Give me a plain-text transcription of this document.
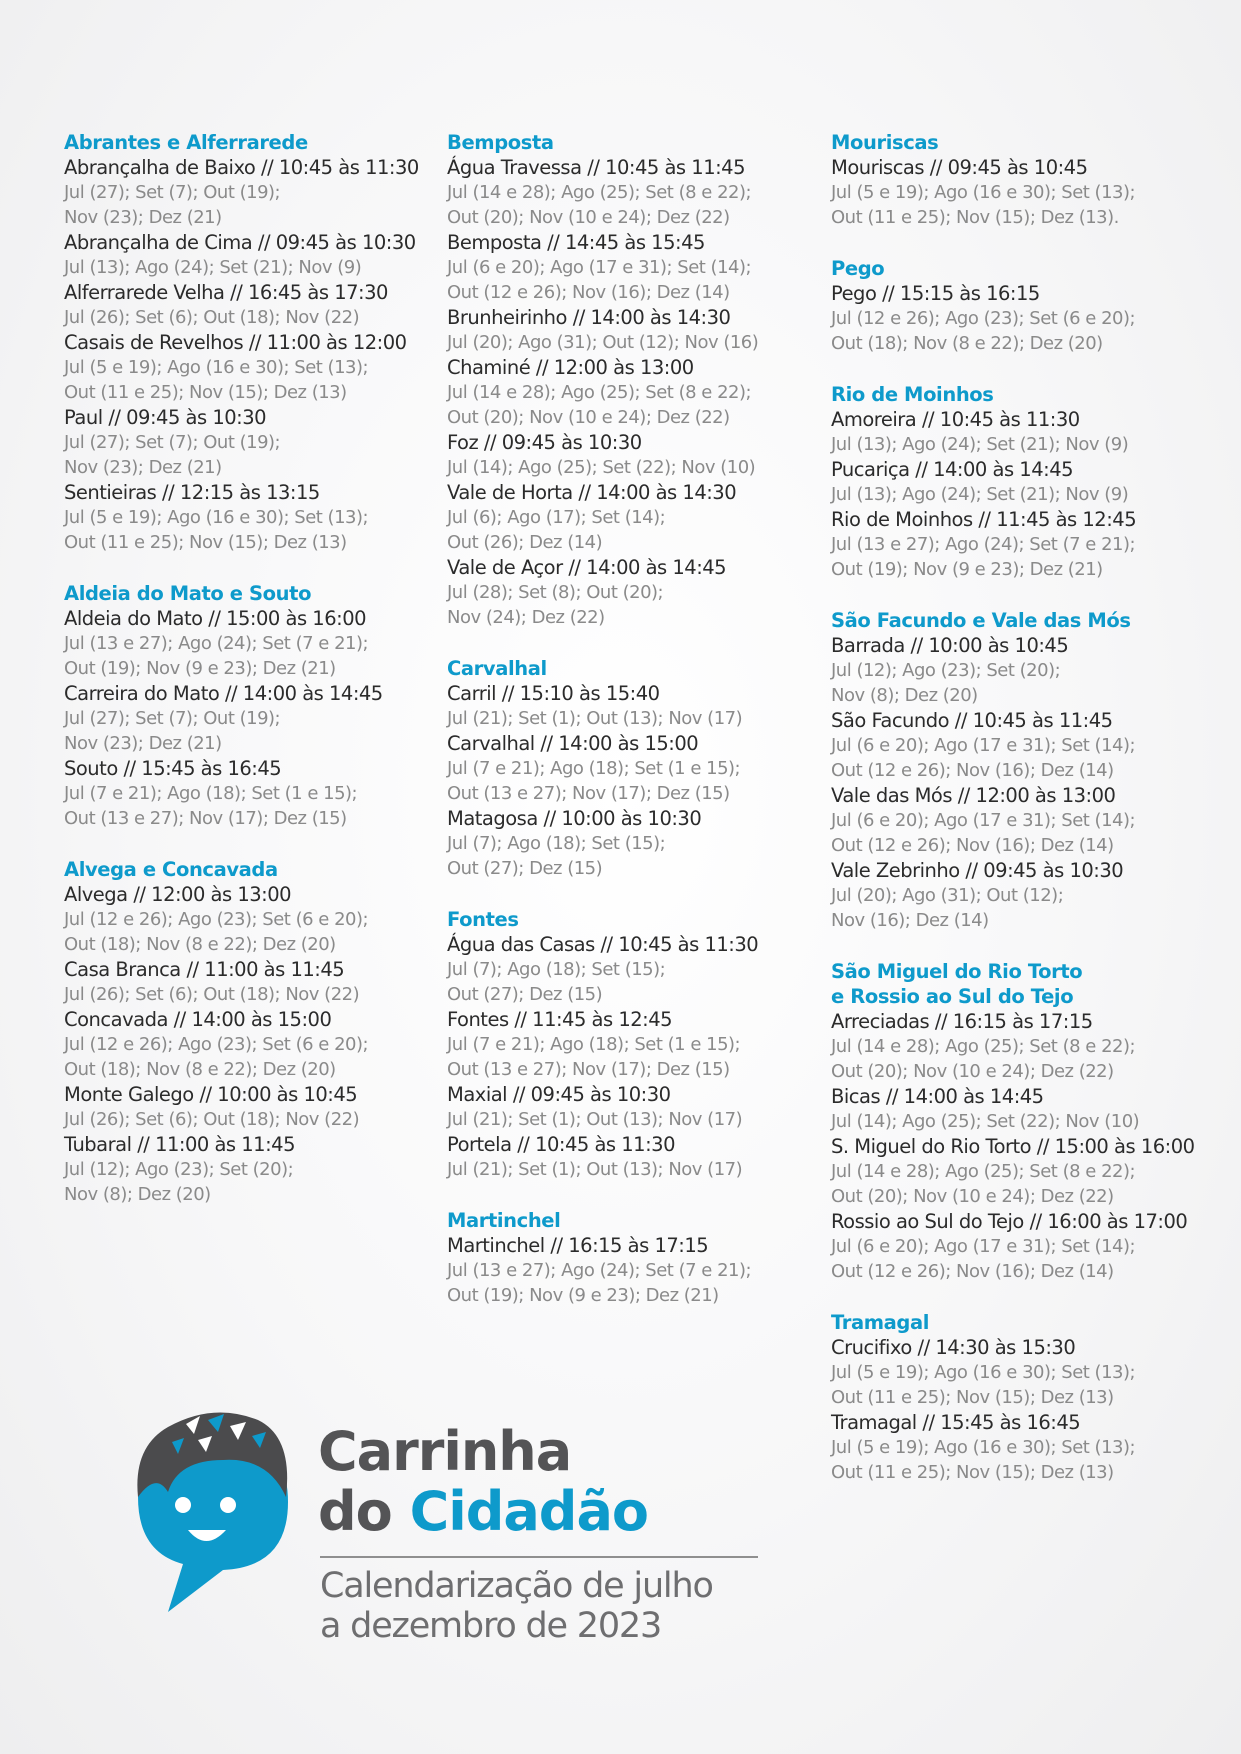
Abrantes e Alferrarede
Abrançalha de Baixo // 10:45 às 11:30
Jul (27); Set (7); Out (19);
Nov (23); Dez (21)
Abrançalha de Cima // 09:45 às 10:30
Jul (13); Ago (24); Set (21); Nov (9)
Alferrarede Velha // 16:45 às 17:30
Jul (26); Set (6); Out (18); Nov (22)
Casais de Revelhos // 11:00 às 12:00
Jul (5 e 19); Ago (16 e 30); Set (13);
Out (11 e 25); Nov (15); Dez (13)
Paul // 09:45 às 10:30
Jul (27); Set (7); Out (19);
Nov (23); Dez (21)
Sentieiras // 12:15 às 13:15
Jul (5 e 19); Ago (16 e 30); Set (13);
Out (11 e 25); Nov (15); Dez (13)
Aldeia do Mato e Souto
Aldeia do Mato // 15:00 às 16:00
Jul (13 e 27); Ago (24); Set (7 e 21);
Out (19); Nov (9 e 23); Dez (21)
Carreira do Mato // 14:00 às 14:45
Jul (27); Set (7); Out (19);
Nov (23); Dez (21)
Souto // 15:45 às 16:45
Jul (7 e 21); Ago (18); Set (1 e 15);
Out (13 e 27); Nov (17); Dez (15)
Alvega e Concavada
Alvega // 12:00 às 13:00
Jul (12 e 26); Ago (23); Set (6 e 20);
Out (18); Nov (8 e 22); Dez (20)
Casa Branca // 11:00 às 11:45
Jul (26); Set (6); Out (18); Nov (22)
Concavada // 14:00 às 15:00
Jul (12 e 26); Ago (23); Set (6 e 20);
Out (18); Nov (8 e 22); Dez (20)
Monte Galego // 10:00 às 10:45
Jul (26); Set (6); Out (18); Nov (22)
Tubaral // 11:00 às 11:45
Jul (12); Ago (23); Set (20);
Nov (8); Dez (20)
Bemposta
Água Travessa // 10:45 às 11:45
Jul (14 e 28); Ago (25); Set (8 e 22);
Out (20); Nov (10 e 24); Dez (22)
Bemposta // 14:45 às 15:45
Jul (6 e 20); Ago (17 e 31); Set (14);
Out (12 e 26); Nov (16); Dez (14)
Brunheirinho // 14:00 às 14:30
Jul (20); Ago (31); Out (12); Nov (16)
Chaminé // 12:00 às 13:00
Jul (14 e 28); Ago (25); Set (8 e 22);
Out (20); Nov (10 e 24); Dez (22)
Foz // 09:45 às 10:30
Jul (14); Ago (25); Set (22); Nov (10)
Vale de Horta // 14:00 às 14:30
Jul (6); Ago (17); Set (14);
Out (26); Dez (14)
Vale de Açor // 14:00 às 14:45
Jul (28); Set (8); Out (20);
Nov (24); Dez (22)
Carvalhal
Carril // 15:10 às 15:40
Jul (21); Set (1); Out (13); Nov (17)
Carvalhal // 14:00 às 15:00
Jul (7 e 21); Ago (18); Set (1 e 15);
Out (13 e 27); Nov (17); Dez (15)
Matagosa // 10:00 às 10:30
Jul (7); Ago (18); Set (15);
Out (27); Dez (15)
Fontes
Água das Casas // 10:45 às 11:30
Jul (7); Ago (18); Set (15);
Out (27); Dez (15)
Fontes // 11:45 às 12:45
Jul (7 e 21); Ago (18); Set (1 e 15);
Out (13 e 27); Nov (17); Dez (15)
Maxial // 09:45 às 10:30
Jul (21); Set (1); Out (13); Nov (17)
Portela // 10:45 às 11:30
Jul (21); Set (1); Out (13); Nov (17)
Martinchel
Martinchel // 16:15 às 17:15
Jul (13 e 27); Ago (24); Set (7 e 21);
Out (19); Nov (9 e 23); Dez (21)
Mouriscas
Mouriscas // 09:45 às 10:45
Jul (5 e 19); Ago (16 e 30); Set (13);
Out (11 e 25); Nov (15); Dez (13).
Pego
Pego // 15:15 às 16:15
Jul (12 e 26); Ago (23); Set (6 e 20);
Out (18); Nov (8 e 22); Dez (20)
Rio de Moinhos
Amoreira // 10:45 às 11:30
Jul (13); Ago (24); Set (21); Nov (9)
Pucariça // 14:00 às 14:45
Jul (13); Ago (24); Set (21); Nov (9)
Rio de Moinhos // 11:45 às 12:45
Jul (13 e 27); Ago (24); Set (7 e 21);
Out (19); Nov (9 e 23); Dez (21)
São Facundo e Vale das Mós
Barrada // 10:00 às 10:45
Jul (12); Ago (23); Set (20);
Nov (8); Dez (20)
São Facundo // 10:45 às 11:45
Jul (6 e 20); Ago (17 e 31); Set (14);
Out (12 e 26); Nov (16); Dez (14)
Vale das Mós // 12:00 às 13:00
Jul (6 e 20); Ago (17 e 31); Set (14);
Out (12 e 26); Nov (16); Dez (14)
Vale Zebrinho // 09:45 às 10:30
Jul (20); Ago (31); Out (12);
Nov (16); Dez (14)
São Miguel do Rio Torto
e Rossio ao Sul do Tejo
Arreciadas // 16:15 às 17:15
Jul (14 e 28); Ago (25); Set (8 e 22);
Out (20); Nov (10 e 24); Dez (22)
Bicas // 14:00 às 14:45
Jul (14); Ago (25); Set (22); Nov (10)
S. Miguel do Rio Torto // 15:00 às 16:00
Jul (14 e 28); Ago (25); Set (8 e 22);
Out (20); Nov (10 e 24); Dez (22)
Rossio ao Sul do Tejo // 16:00 às 17:00
Jul (6 e 20); Ago (17 e 31); Set (14);
Out (12 e 26); Nov (16); Dez (14)
Tramagal
Crucifixo // 14:30 às 15:30
Jul (5 e 19); Ago (16 e 30); Set (13);
Out (11 e 25); Nov (15); Dez (13)
Tramagal // 15:45 às 16:45
Jul (5 e 19); Ago (16 e 30); Set (13);
Out (11 e 25); Nov (15); Dez (13)
Carrinha
do Cidadão
Calendarização de julho
a dezembro de 2023
